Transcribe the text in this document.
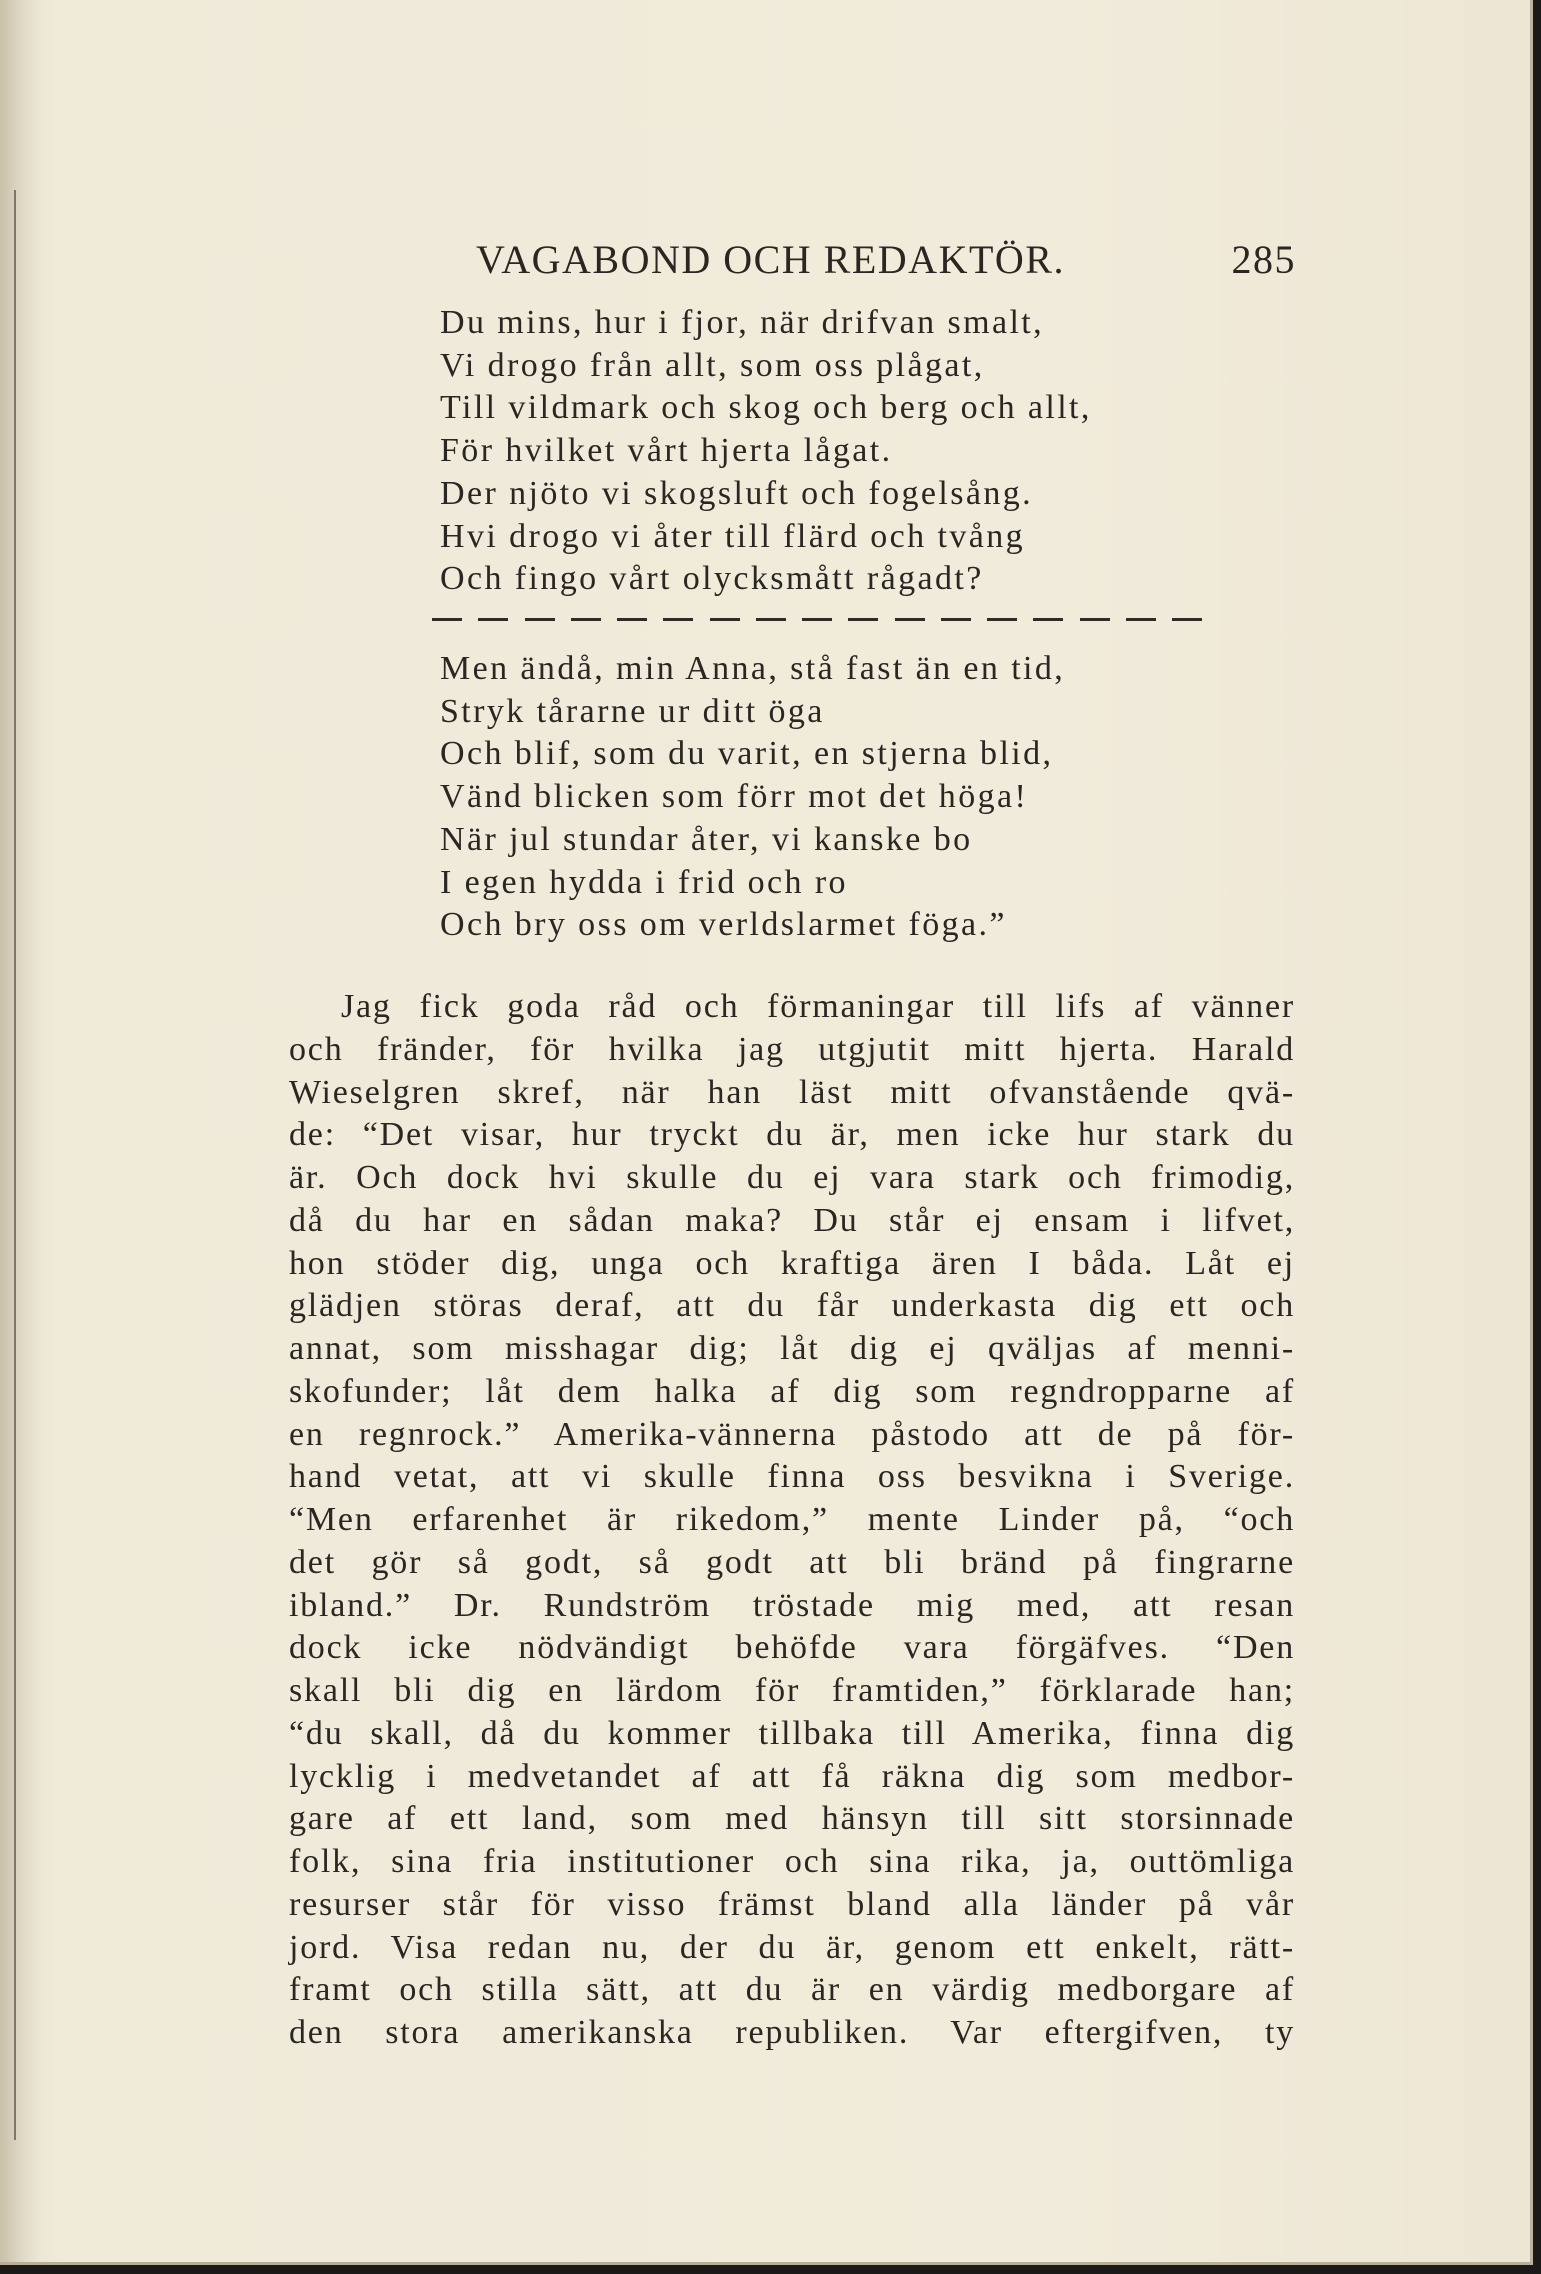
VAGABOND OCH REDAKTÖR.	285
Du mins, hur i fjor, när drifvan smalt,
Vi drogo från allt, som oss plågat,
Till vildmark och skog och berg och allt,
För hvilket vårt hjerta lågat.
Der njöto vi skogsluft och fogelsång.
Hvi drogo vi åter till flärd och tvång
Och fingo vårt olycksmått rågadt?
Men ändå, min Anna, stå fast än en tid,
Stryk tårarne ur ditt öga
Och blif, som du varit, en stjerna blid,
Vänd blicken som förr mot det höga!
När jul stundar åter, vi kanske bo
I egen hydda i frid och ro
Och bry oss om verldslarmet föga.”
Jag fick goda råd och förmaningar till lifs af vänner
och fränder, för hvilka jag utgjutit mitt hjerta. Harald
Wieselgren skref, när han läst mitt ofvanstående qvä-
de: “Det visar, hur tryckt du är, men icke hur stark du
är. Och dock hvi skulle du ej vara stark och frimodig,
då du har en sådan maka? Du står ej ensam i lifvet,
hon stöder dig, unga och kraftiga ären I båda. Låt ej
glädjen störas deraf, att du får underkasta dig ett och
annat, som misshagar dig; låt dig ej qväljas af menni-
skofunder; låt dem halka af dig som regndropparne af
en regnrock.” Amerika-vännerna påstodo att de på för-
hand vetat, att vi skulle finna oss besvikna i Sverige.
“Men erfarenhet är rikedom,” mente Linder på, “och
det gör så godt, så godt att bli bränd på fingrarne
ibland.” Dr. Rundström tröstade mig med, att resan
dock icke nödvändigt behöfde vara förgäfves. “Den
skall bli dig en lärdom för framtiden,” förklarade han;
“du skall, då du kommer tillbaka till Amerika, finna dig
lycklig i medvetandet af att få räkna dig som medbor-
gare af ett land, som med hänsyn till sitt storsinnade
folk, sina fria institutioner och sina rika, ja, outtömliga
resurser står för visso främst bland alla länder på vår
jord. Visa redan nu, der du är, genom ett enkelt, rätt-
framt och stilla sätt, att du är en värdig medborgare af
den stora amerikanska republiken. Var eftergifven, ty
